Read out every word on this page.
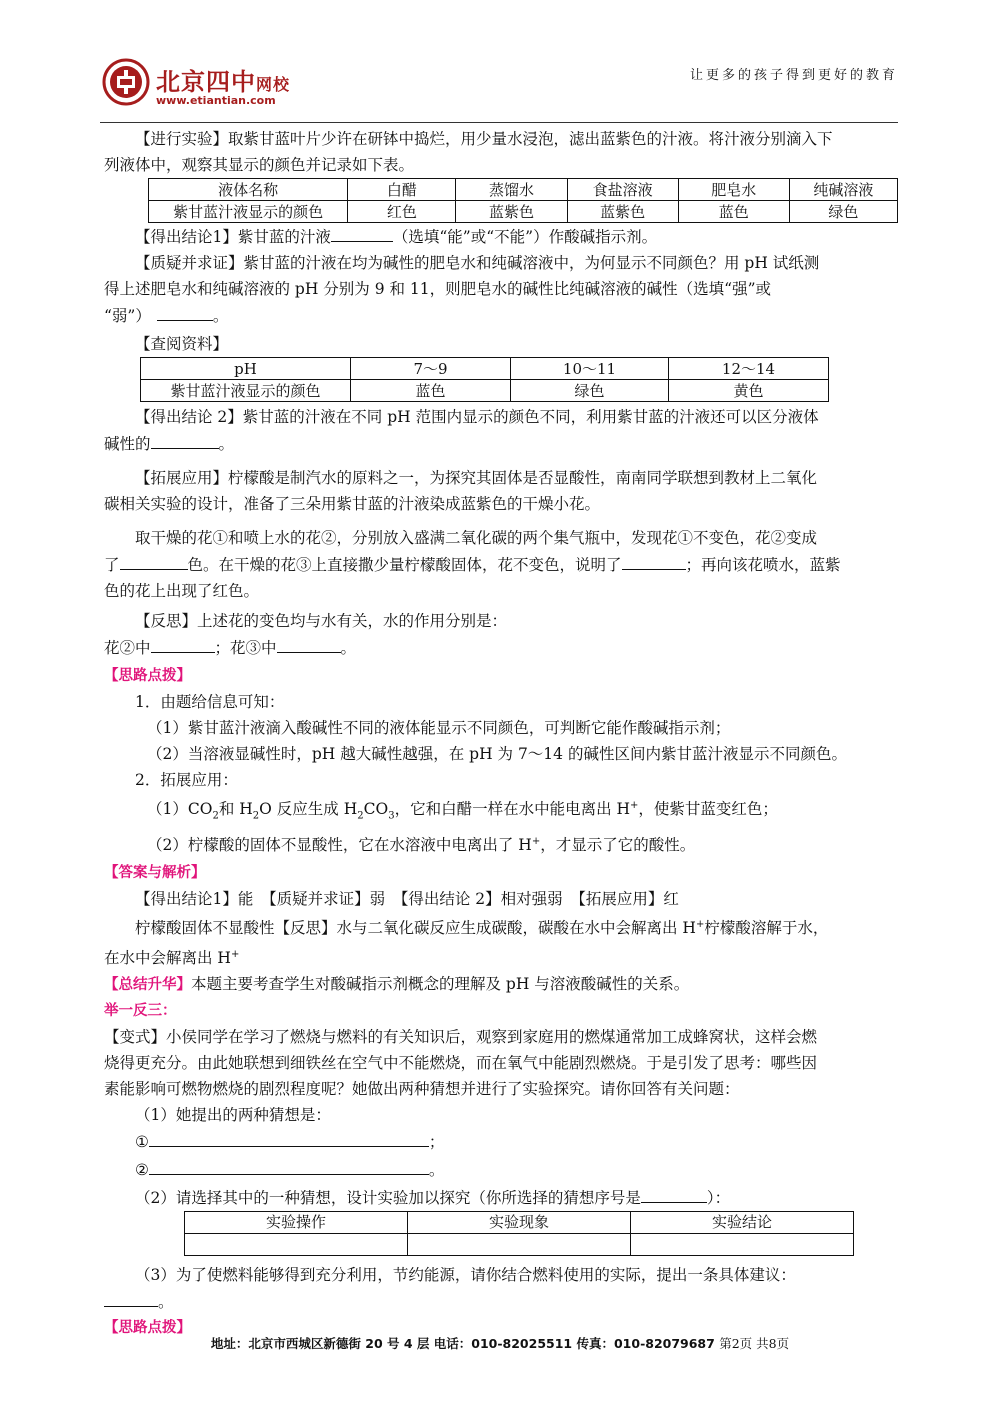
北京四中网校
www.etiantian.com
让更多的孩子得到更好的教育

【进行实验】取紫甘蓝叶片少许在研钵中捣烂，用少量水浸泡，滤出蓝紫色的汁液。将汁液分别滴入下
列液体中，观察其显示的颜色并记录如下表。

液体名称	白醋	蒸馏水	食盐溶液	肥皂水	纯碱溶液
紫甘蓝汁液显示的颜色	红色	蓝紫色	蓝紫色	蓝色	绿色

【得出结论1】紫甘蓝的汁液	（选填“能”或“不能”）作酸碱指示剂。

【质疑并求证】紫甘蓝的汁液在均为碱性的肥皂水和纯碱溶液中，为何显示不同颜色？用 pH 试纸测
得上述肥皂水和纯碱溶液的 pH 分别为 9 和 11，则肥皂水的碱性比纯碱溶液的碱性（选填“强”或
“弱”）	。

【查阅资料】

pH	7～9	10～11	12～14
紫甘蓝汁液显示的颜色	蓝色	绿色	黄色

【得出结论 2】紫甘蓝的汁液在不同 pH 范围内显示的颜色不同，利用紫甘蓝的汁液还可以区分液体
碱性的	。

【拓展应用】柠檬酸是制汽水的原料之一，为探究其固体是否显酸性，南南同学联想到教材上二氧化
碳相关实验的设计，准备了三朵用紫甘蓝的汁液染成蓝紫色的干燥小花。

取干燥的花①和喷上水的花②，分别放入盛满二氧化碳的两个集气瓶中，发现花①不变色，花②变成
了	色。在干燥的花③上直接撒少量柠檬酸固体，花不变色，说明了	；再向该花喷水，蓝紫
色的花上出现了红色。

【反思】上述花的变色均与水有关，水的作用分别是：
花②中	；花③中	。

【思路点拨】

1．由题给信息可知：

（1）紫甘蓝汁液滴入酸碱性不同的液体能显示不同颜色，可判断它能作酸碱指示剂；

（2）当溶液显碱性时，pH 越大碱性越强，在 pH 为 7～14 的碱性区间内紫甘蓝汁液显示不同颜色。

2．拓展应用：

$(1)CO_2$和 $H_2O$ 反应生成 $H_2CO_3$，它和白醋一样在水中能电离出 H+，使紫甘蓝变红色；

（2）柠檬酸的固体不显酸性，它在水溶液中电离出了 H+，才显示了它的酸性。

【答案与解析】

【得出结论1】能　【质疑并求证】弱　【得出结论 2】相对强弱　【拓展应用】红

柠檬酸固体不显酸性【反思】水与二氧化碳反应生成碳酸，碳酸在水中会解离出 H+柠檬酸溶解于水，

在水中会解离出 H+

【总结升华】本题主要考查学生对酸碱指示剂概念的理解及 pH 与溶液酸碱性的关系。

举一反三：

【变式】小侯同学在学习了燃烧与燃料的有关知识后，观察到家庭用的燃煤通常加工成蜂窝状，这样会燃
烧得更充分。由此她联想到细铁丝在空气中不能燃烧，而在氧气中能剧烈燃烧。于是引发了思考：哪些因
素能影响可燃物燃烧的剧烈程度呢？她做出两种猜想并进行了实验探究。请你回答有关问题：

（1）她提出的两种猜想是：

①	；

②	。

（2）请选择其中的一种猜想，设计实验加以探究（你所选择的猜想序号是	）：

实验操作	实验现象	实验结论

（3）为了使燃料能够得到充分利用，节约能源，请你结合燃料使用的实际，提出一条具体建议：

。

【思路点拨】

地址：北京市西城区新德街 20 号 4 层 电话：010-82025511 传真：010-82079687 第2页 共8页
